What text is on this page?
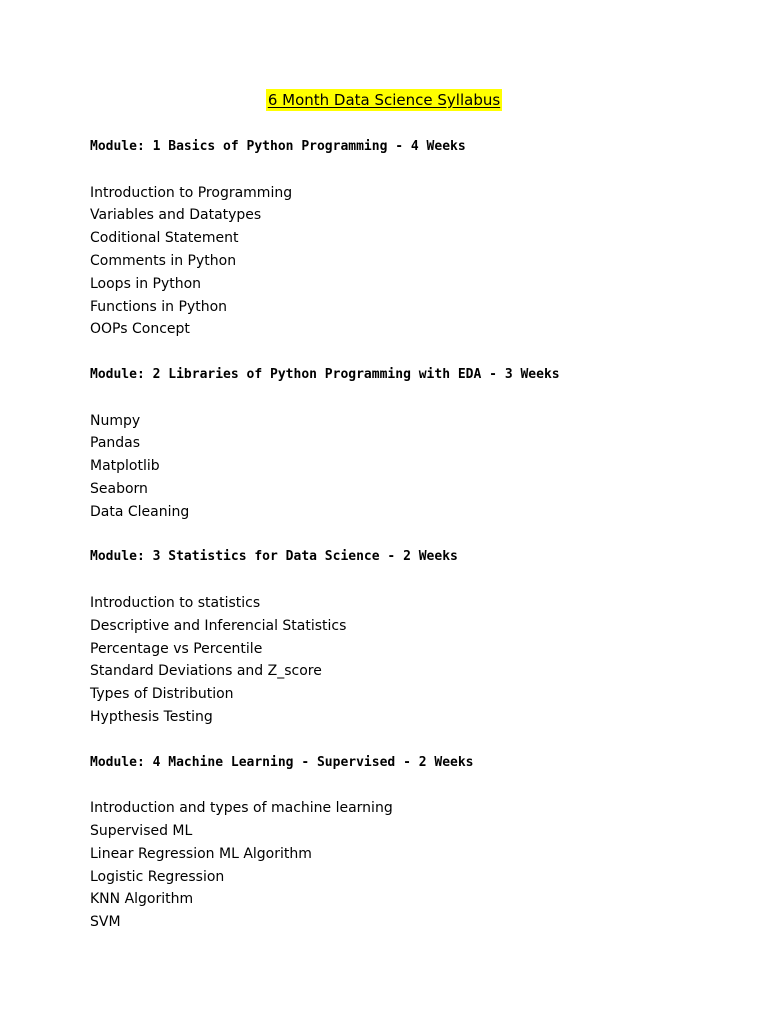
6 Month Data Science Syllabus
Module: 1 Basics of Python Programming - 4 Weeks
Introduction to Programming
Variables and Datatypes
Coditional Statement
Comments in Python
Loops in Python
Functions in Python
OOPs Concept
Module: 2 Libraries of Python Programming with EDA - 3 Weeks
Numpy
Pandas
Matplotlib
Seaborn
Data Cleaning
Module: 3 Statistics for Data Science - 2 Weeks
Introduction to statistics
Descriptive and Inferencial Statistics
Percentage vs Percentile
Standard Deviations and Z_score
Types of Distribution
Hypthesis Testing
Module: 4 Machine Learning - Supervised - 2 Weeks
Introduction and types of machine learning
Supervised ML
Linear Regression ML Algorithm
Logistic Regression
KNN Algorithm
SVM
